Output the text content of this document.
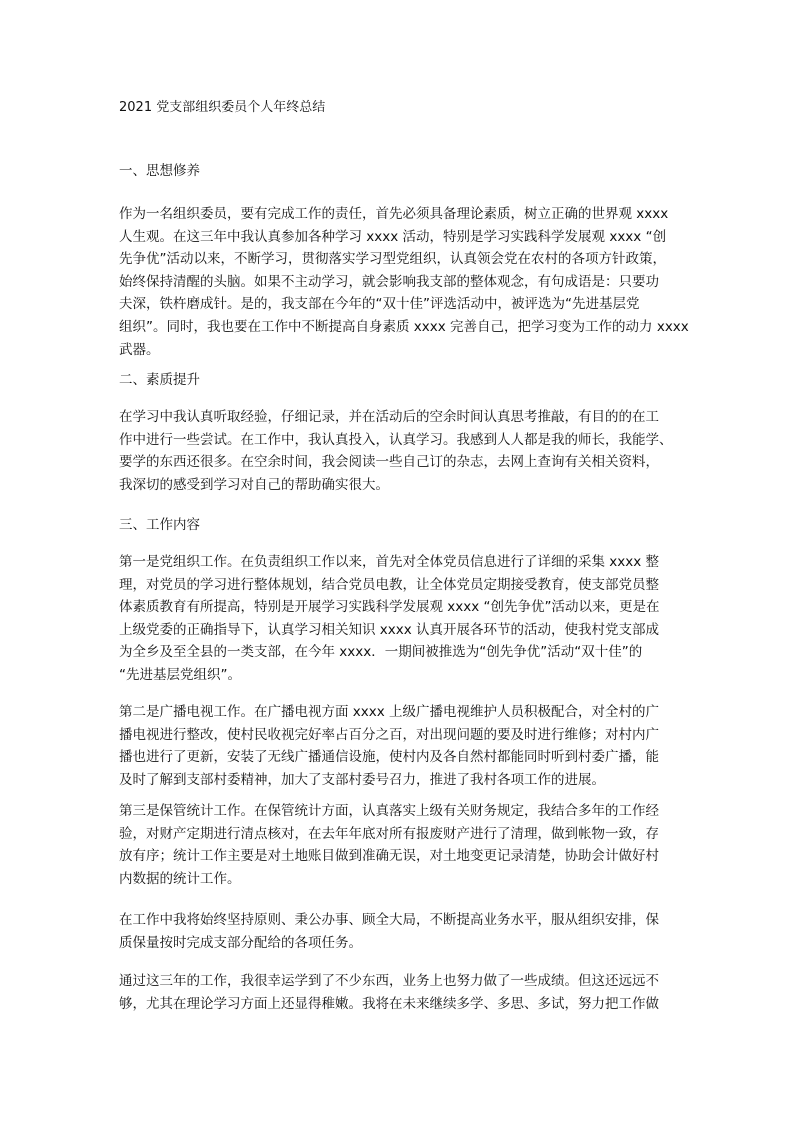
2021 党支部组织委员个人年终总结

一、思想修养

作为一名组织委员，要有完成工作的责任，首先必须具备理论素质，树立正确的世界观 xxxx
人生观。在这三年中我认真参加各种学习 xxxx 活动，特别是学习实践科学发展观 xxxx “创
先争优”活动以来，不断学习，贯彻落实学习型党组织，认真领会党在农村的各项方针政策，
始终保持清醒的头脑。如果不主动学习，就会影响我支部的整体观念，有句成语是：只要功
夫深，铁杵磨成针。是的，我支部在今年的“双十佳”评选活动中，被评选为“先进基层党
组织”。同时，我也要在工作中不断提高自身素质 xxxx 完善自己，把学习变为工作的动力 xxxx
武器。

二、素质提升

在学习中我认真听取经验，仔细记录，并在活动后的空余时间认真思考推敲，有目的的在工
作中进行一些尝试。在工作中，我认真投入，认真学习。我感到人人都是我的师长，我能学、
要学的东西还很多。在空余时间，我会阅读一些自己订的杂志，去网上查询有关相关资料，
我深切的感受到学习对自己的帮助确实很大。

三、工作内容

第一是党组织工作。在负责组织工作以来，首先对全体党员信息进行了详细的采集 xxxx 整
理，对党员的学习进行整体规划，结合党员电教，让全体党员定期接受教育，使支部党员整
体素质教育有所提高，特别是开展学习实践科学发展观 xxxx “创先争优”活动以来，更是在
上级党委的正确指导下，认真学习相关知识 xxxx 认真开展各环节的活动，使我村党支部成
为全乡及至全县的一类支部，在今年 xxxx．一期间被推选为“创先争优”活动“双十佳”的
“先进基层党组织”。
第二是广播电视工作。在广播电视方面 xxxx 上级广播电视维护人员积极配合，对全村的广
播电视进行整改，使村民收视完好率占百分之百，对出现问题的要及时进行维修；对村内广
播也进行了更新，安装了无线广播通信设施，使村内及各自然村都能同时听到村委广播，能
及时了解到支部村委精神，加大了支部村委号召力，推进了我村各项工作的进展。
第三是保管统计工作。在保管统计方面，认真落实上级有关财务规定，我结合多年的工作经
验，对财产定期进行清点核对，在去年年底对所有报废财产进行了清理，做到帐物一致，存
放有序；统计工作主要是对土地账目做到准确无误，对土地变更记录清楚，协助会计做好村
内数据的统计工作。
在工作中我将始终坚持原则、秉公办事、顾全大局，不断提高业务水平，服从组织安排，保
质保量按时完成支部分配给的各项任务。
通过这三年的工作，我很幸运学到了不少东西，业务上也努力做了一些成绩。但这还远远不
够，尤其在理论学习方面上还显得稚嫩。我将在未来继续多学、多思、多试，努力把工作做
